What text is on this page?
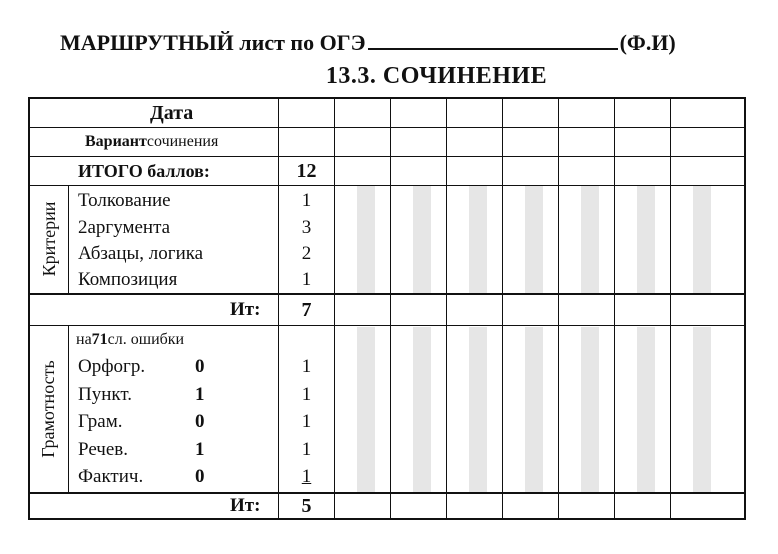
МАРШРУТНЫЙ лист по ОГЭ	(Ф.И)
13.3. СОЧИНЕНИЕ
Дата
Вариант сочинения
ИТОГО баллов:	12
Критерии
Толкование	1
2аргумента	3
Абзацы, логика	2
Композиция	1
Ит:	7
Грамотность
на 71 сл. ошибки
Орфогр.	0	1
Пункт.	1	1
Грам.	0	1
Речев.	1	1
Фактич.	0	1
Ит:	5
